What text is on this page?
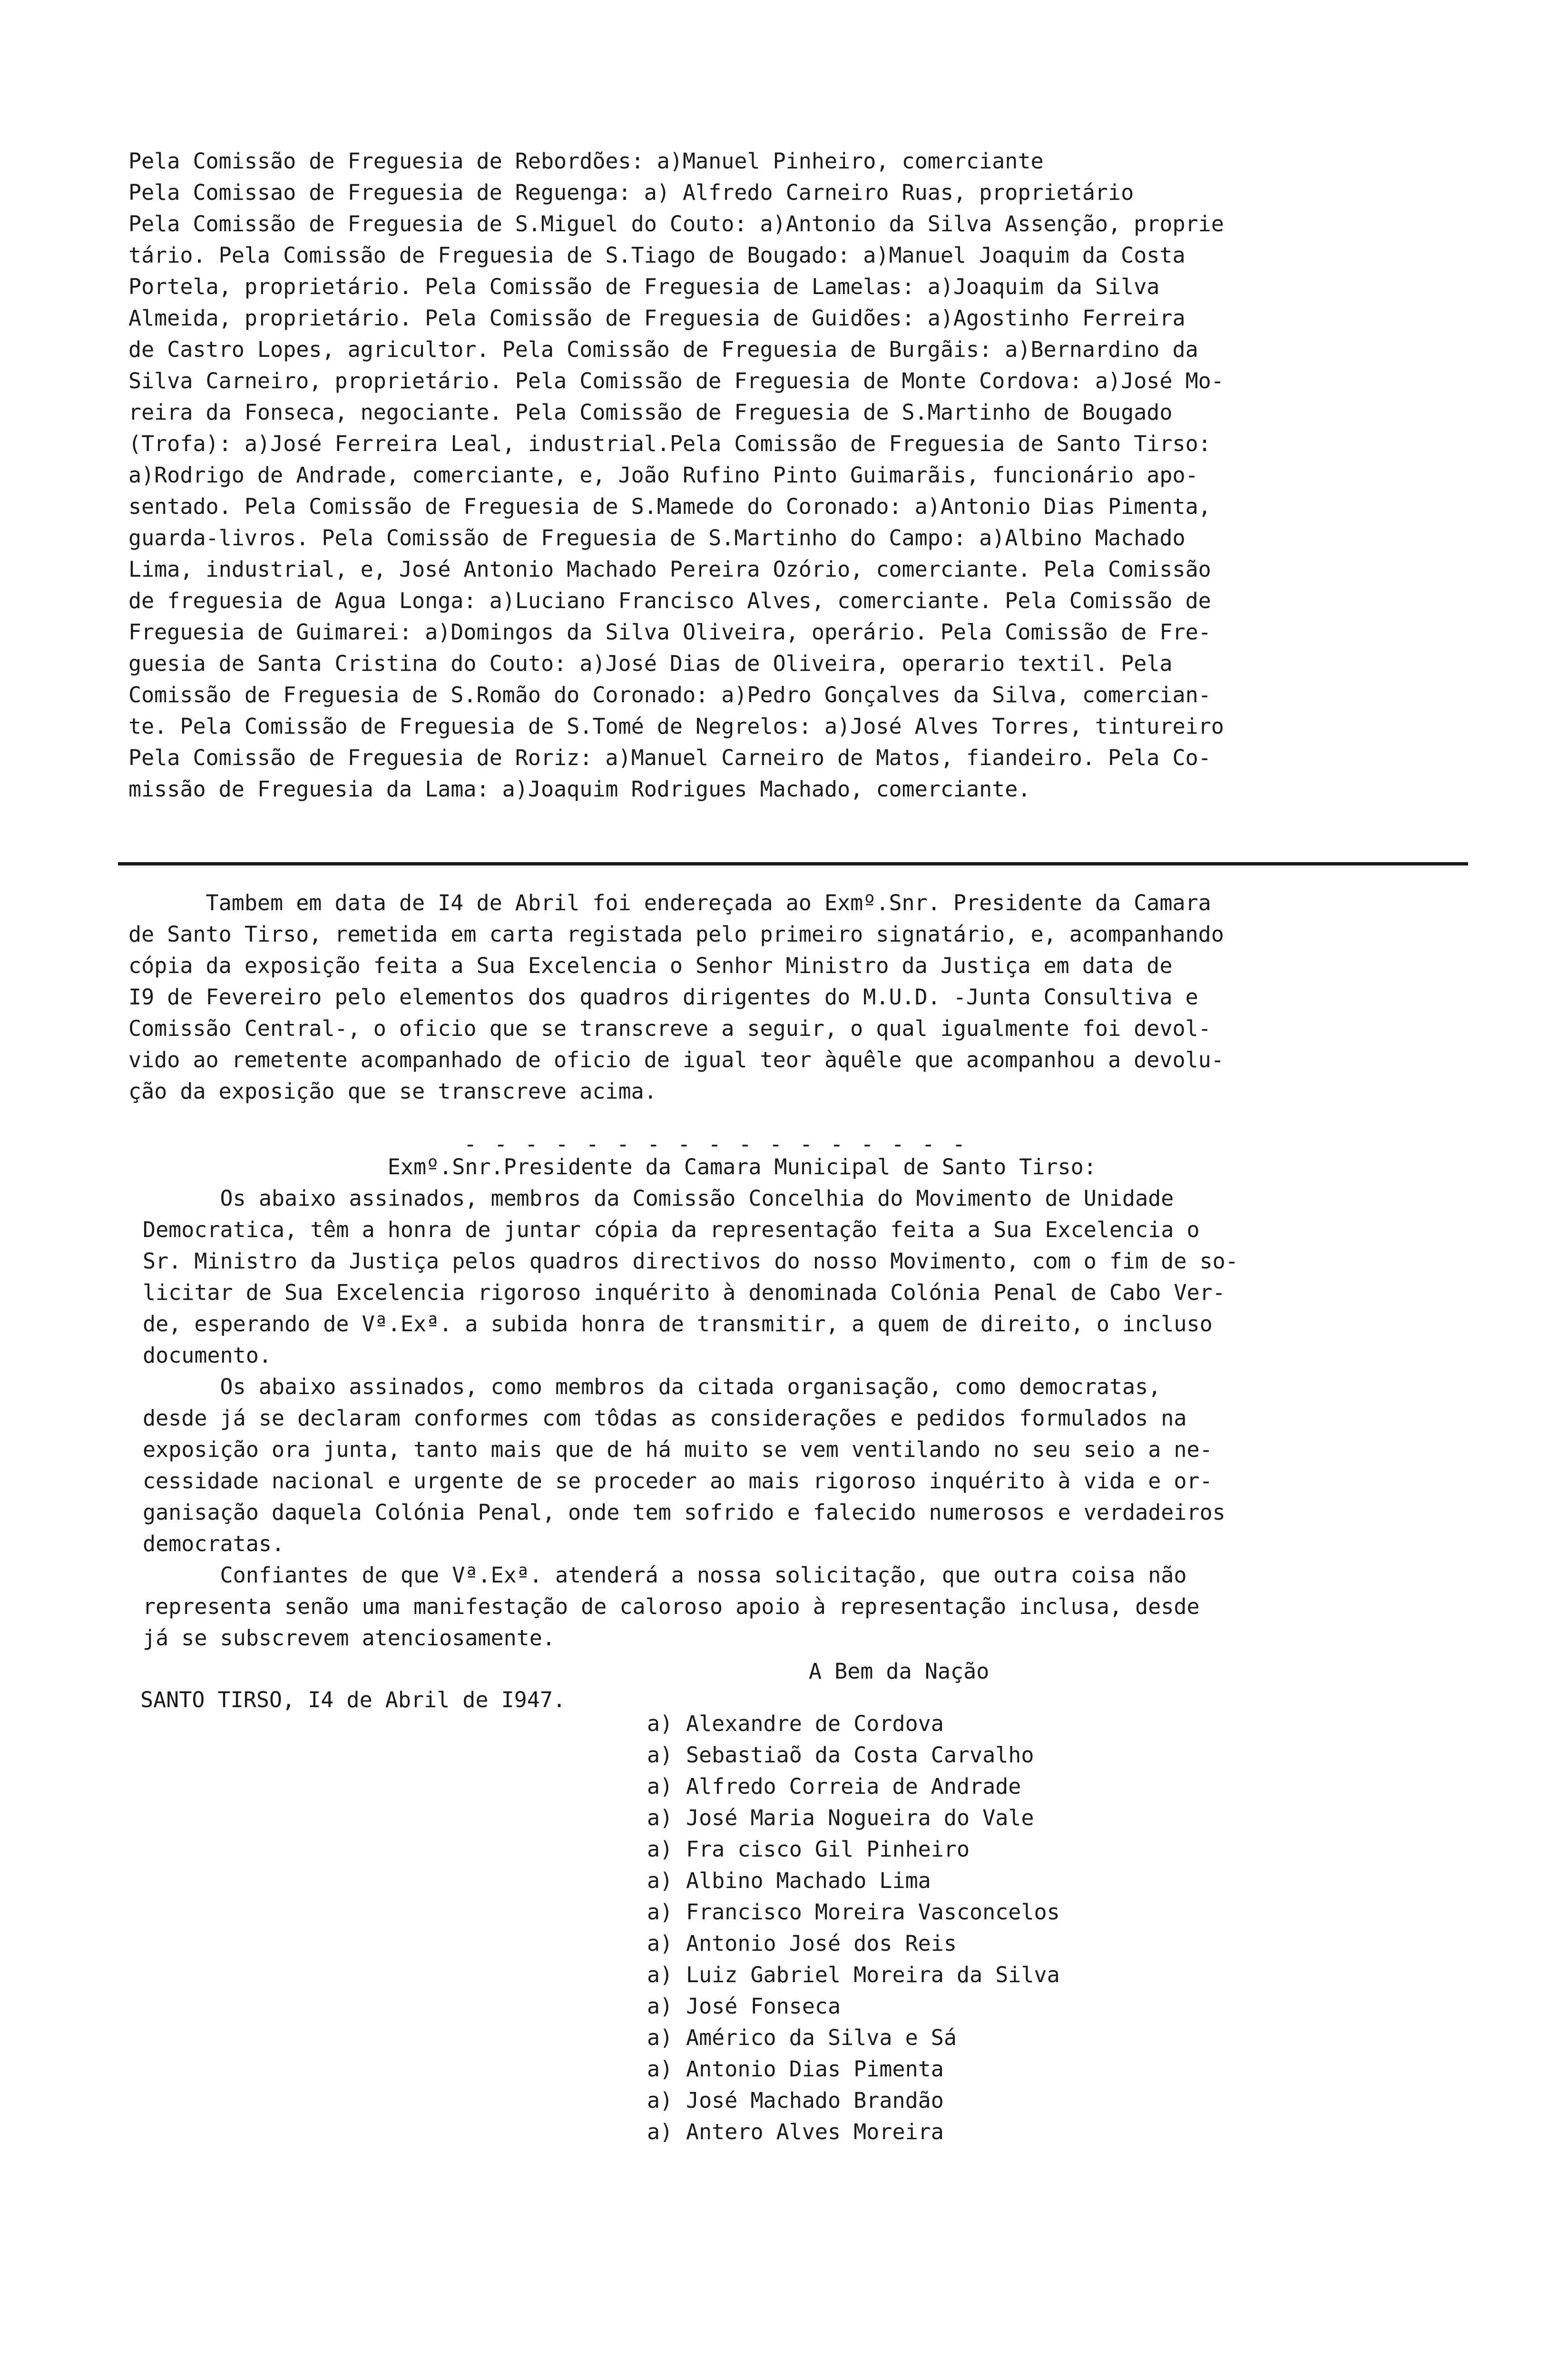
Pela Comissão de Freguesia de Rebordões: a)Manuel Pinheiro, comerciante
Pela Comissao de Freguesia de Reguenga: a) Alfredo Carneiro Ruas, proprietário
Pela Comissão de Freguesia de S.Miguel do Couto: a)Antonio da Silva Assenção, proprie
tário. Pela Comissão de Freguesia de S.Tiago de Bougado: a)Manuel Joaquim da Costa
Portela, proprietário. Pela Comissão de Freguesia de Lamelas: a)Joaquim da Silva
Almeida, proprietário. Pela Comissão de Freguesia de Guidões: a)Agostinho Ferreira
de Castro Lopes, agricultor. Pela Comissão de Freguesia de Burgãis: a)Bernardino da
Silva Carneiro, proprietário. Pela Comissão de Freguesia de Monte Cordova: a)José Mo-
reira da Fonseca, negociante. Pela Comissão de Freguesia de S.Martinho de Bougado
(Trofa): a)José Ferreira Leal, industrial.Pela Comissão de Freguesia de Santo Tirso:
a)Rodrigo de Andrade, comerciante, e, João Rufino Pinto Guimarãis, funcionário apo-
sentado. Pela Comissão de Freguesia de S.Mamede do Coronado: a)Antonio Dias Pimenta,
guarda-livros. Pela Comissão de Freguesia de S.Martinho do Campo: a)Albino Machado
Lima, industrial, e, José Antonio Machado Pereira Ozório, comerciante. Pela Comissão
de freguesia de Agua Longa: a)Luciano Francisco Alves, comerciante. Pela Comissão de
Freguesia de Guimarei: a)Domingos da Silva Oliveira, operário. Pela Comissão de Fre-
guesia de Santa Cristina do Couto: a)José Dias de Oliveira, operario textil. Pela
Comissão de Freguesia de S.Romão do Coronado: a)Pedro Gonçalves da Silva, comercian-
te. Pela Comissão de Freguesia de S.Tomé de Negrelos: a)José Alves Torres, tintureiro
Pela Comissão de Freguesia de Roriz: a)Manuel Carneiro de Matos, fiandeiro. Pela Co-
missão de Freguesia da Lama: a)Joaquim Rodrigues Machado, comerciante.
Tambem em data de I4 de Abril foi endereçada ao Exmº.Snr. Presidente da Camara
de Santo Tirso, remetida em carta registada pelo primeiro signatário, e, acompanhando
cópia da exposição feita a Sua Excelencia o Senhor Ministro da Justiça em data de
I9 de Fevereiro pelo elementos dos quadros dirigentes do M.U.D. -Junta Consultiva e
Comissão Central-, o oficio que se transcreve a seguir, o qual igualmente foi devol-
vido ao remetente acompanhado de oficio de igual teor àquêle que acompanhou a devolu-
ção da exposição que se transcreve acima.
- - - - - - - - - - - - - - - - -
Exmº.Snr.Presidente da Camara Municipal de Santo Tirso:
Os abaixo assinados, membros da Comissão Concelhia do Movimento de Unidade
Democratica, têm a honra de juntar cópia da representação feita a Sua Excelencia o
Sr. Ministro da Justiça pelos quadros directivos do nosso Movimento, com o fim de so-
licitar de Sua Excelencia rigoroso inquérito à denominada Colónia Penal de Cabo Ver-
de, esperando de Vª.Exª. a subida honra de transmitir, a quem de direito, o incluso
documento.
Os abaixo assinados, como membros da citada organisação, como democratas,
desde já se declaram conformes com tôdas as considerações e pedidos formulados na
exposição ora junta, tanto mais que de há muito se vem ventilando no seu seio a ne-
cessidade nacional e urgente de se proceder ao mais rigoroso inquérito à vida e or-
ganisação daquela Colónia Penal, onde tem sofrido e falecido numerosos e verdadeiros
democratas.
Confiantes de que Vª.Exª. atenderá a nossa solicitação, que outra coisa não
representa senão uma manifestação de caloroso apoio à representação inclusa, desde
já se subscrevem atenciosamente.
A Bem da Nação
SANTO TIRSO, I4 de Abril de I947.
a) Alexandre de Cordova
a) Sebastiaõ da Costa Carvalho
a) Alfredo Correia de Andrade
a) José Maria Nogueira do Vale
a) Fra cisco Gil Pinheiro
a) Albino Machado Lima
a) Francisco Moreira Vasconcelos
a) Antonio José dos Reis
a) Luiz Gabriel Moreira da Silva
a) José Fonseca
a) Américo da Silva e Sá
a) Antonio Dias Pimenta
a) José Machado Brandão
a) Antero Alves Moreira
